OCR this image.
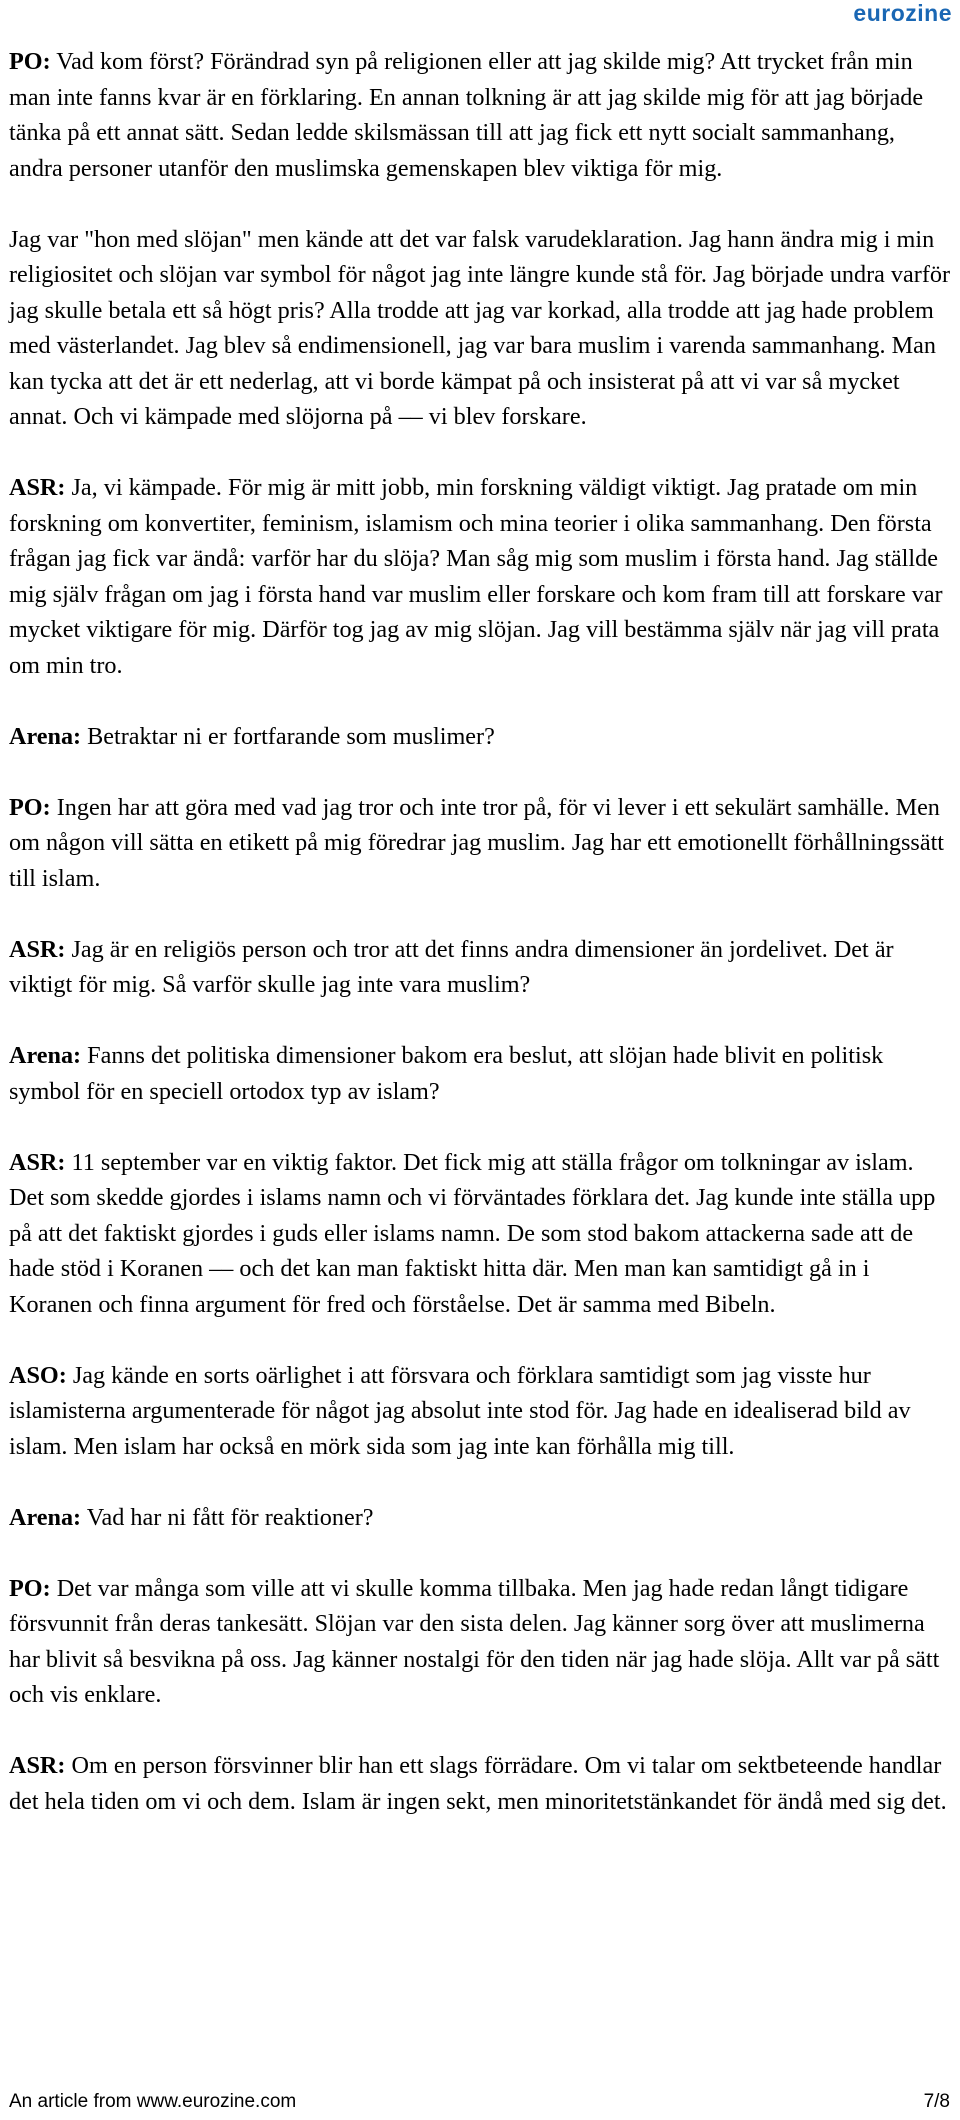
eurozine

PO: Vad kom först? Förändrad syn på religionen eller att jag skilde mig? Att trycket från min man inte fanns kvar är en förklaring. En annan tolkning är att jag skilde mig för att jag började tänka på ett annat sätt. Sedan ledde skilsmässan till att jag fick ett nytt socialt sammanhang, andra personer utanför den muslimska gemenskapen blev viktiga för mig.

Jag var "hon med slöjan" men kände att det var falsk varudeklaration. Jag hann ändra mig i min religiositet och slöjan var symbol för något jag inte längre kunde stå för. Jag började undra varför jag skulle betala ett så högt pris? Alla trodde att jag var korkad, alla trodde att jag hade problem med västerlandet. Jag blev så endimensionell, jag var bara muslim i varenda sammanhang. Man kan tycka att det är ett nederlag, att vi borde kämpat på och insisterat på att vi var så mycket annat. Och vi kämpade med slöjorna på –– vi blev forskare.

ASR: Ja, vi kämpade. För mig är mitt jobb, min forskning väldigt viktigt. Jag pratade om min forskning om konvertiter, feminism, islamism och mina teorier i olika sammanhang. Den första frågan jag fick var ändå: varför har du slöja? Man såg mig som muslim i första hand. Jag ställde mig själv frågan om jag i första hand var muslim eller forskare och kom fram till att forskare var mycket viktigare för mig. Därför tog jag av mig slöjan. Jag vill bestämma själv när jag vill prata om min tro.

Arena: Betraktar ni er fortfarande som muslimer?

PO: Ingen har att göra med vad jag tror och inte tror på, för vi lever i ett sekulärt samhälle. Men om någon vill sätta en etikett på mig föredrar jag muslim. Jag har ett emotionellt förhållningssätt till islam.

ASR: Jag är en religiös person och tror att det finns andra dimensioner än jordelivet. Det är viktigt för mig. Så varför skulle jag inte vara muslim?

Arena: Fanns det politiska dimensioner bakom era beslut, att slöjan hade blivit en politisk symbol för en speciell ortodox typ av islam?

ASR: 11 september var en viktig faktor. Det fick mig att ställa frågor om tolkningar av islam. Det som skedde gjordes i islams namn och vi förväntades förklara det. Jag kunde inte ställa upp på att det faktiskt gjordes i guds eller islams namn. De som stod bakom attackerna sade att de hade stöd i Koranen –– och det kan man faktiskt hitta där. Men man kan samtidigt gå in i Koranen och finna argument för fred och förståelse. Det är samma med Bibeln.

ASO: Jag kände en sorts oärlighet i att försvara och förklara samtidigt som jag visste hur islamisterna argumenterade för något jag absolut inte stod för. Jag hade en idealiserad bild av islam. Men islam har också en mörk sida som jag inte kan förhålla mig till.

Arena: Vad har ni fått för reaktioner?

PO: Det var många som ville att vi skulle komma tillbaka. Men jag hade redan långt tidigare försvunnit från deras tankesätt. Slöjan var den sista delen. Jag känner sorg över att muslimerna har blivit så besvikna på oss. Jag känner nostalgi för den tiden när jag hade slöja. Allt var på sätt och vis enklare.

ASR: Om en person försvinner blir han ett slags förrädare. Om vi talar om sektbeteende handlar det hela tiden om vi och dem. Islam är ingen sekt, men minoritetstänkandet för ändå med sig det.

An article from www.eurozine.com	7/8
